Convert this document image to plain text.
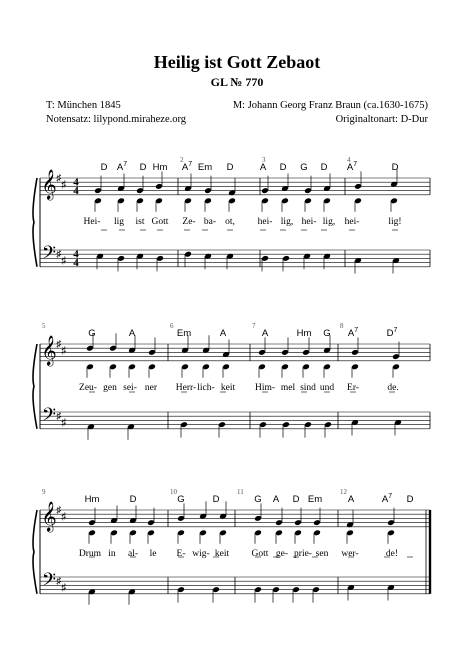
Heilig ist Gott Zebaot
GL № 770
T: München 1845
Notensatz: lilypond.miraheze.org
M: Johann Georg Franz Braun (ca.1630-1675)
Originaltonart: D-Dur
𝄞
𝄢
♯
♯
♯
♯
4
4
4
4
2	3	4
D $A^7$ D Hm $A^7$ Em D	A D G D $A^7$	D
Hei- lig ist Gott Ze- ba- ot, hei- lig, hei- lig, hei-	lig!
𝄞
𝄢
♯
♯
♯
♯
5	6	7	8
G	A	Em	A	A	Hm G $A^7$	$D^7$
Zeu- gen sei- ner Herr- lich- keit Him- mel sind und Er-	de.
𝄞
𝄢
♯
♯
♯
♯
9	10	11	12
Hm	D	G	D	G A D Em	A	$A^7$ D
Drum in al- le E- wig- keit Gott ge- prie- sen wer-	de!
